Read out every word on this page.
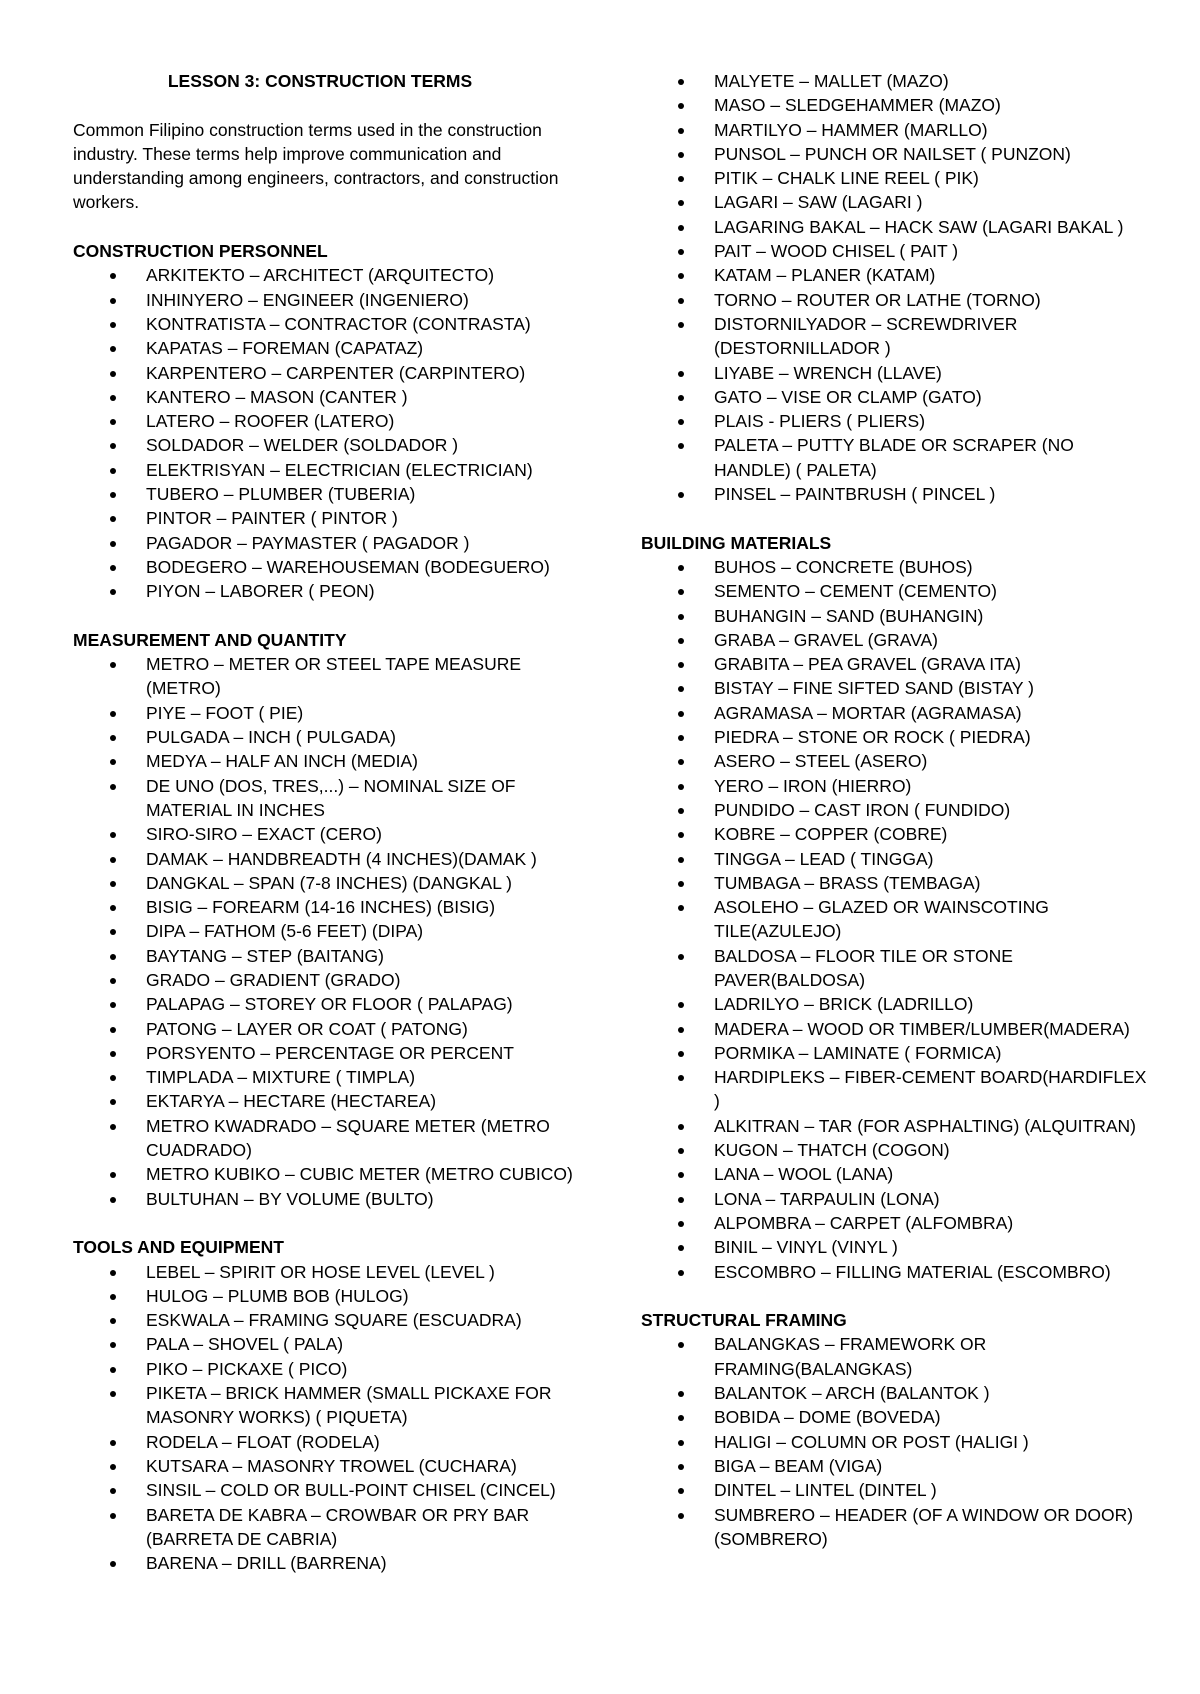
LESSON 3: CONSTRUCTION TERMS

Common Filipino construction terms used in the construction industry. These terms help improve communication and understanding among engineers, contractors, and construction workers.

CONSTRUCTION PERSONNEL
ARKITEKTO – ARCHITECT (ARQUITECTO)
INHINYERO – ENGINEER (INGENIERO)
KONTRATISTA – CONTRACTOR (CONTRASTA)
KAPATAS – FOREMAN (CAPATAZ)
KARPENTERO – CARPENTER (CARPINTERO)
KANTERO – MASON (CANTER )
LATERO – ROOFER (LATERO)
SOLDADOR – WELDER (SOLDADOR )
ELEKTRISYAN – ELECTRICIAN (ELECTRICIAN)
TUBERO – PLUMBER (TUBERIA)
PINTOR – PAINTER ( PINTOR )
PAGADOR – PAYMASTER ( PAGADOR )
BODEGERO – WAREHOUSEMAN (BODEGUERO)
PIYON – LABORER ( PEON)
MEASUREMENT AND QUANTITY
METRO – METER OR STEEL TAPE MEASURE (METRO)
PIYE – FOOT ( PIE)
PULGADA – INCH ( PULGADA)
MEDYA – HALF AN INCH (MEDIA)
DE UNO (DOS, TRES,...) – NOMINAL SIZE OF MATERIAL IN INCHES
SIRO-SIRO – EXACT (CERO)
DAMAK – HANDBREADTH (4 INCHES)(DAMAK )
DANGKAL – SPAN (7-8 INCHES) (DANGKAL )
BISIG – FOREARM (14-16 INCHES) (BISIG)
DIPA – FATHOM (5-6 FEET) (DIPA)
BAYTANG – STEP (BAITANG)
GRADO – GRADIENT (GRADO)
PALAPAG – STOREY OR FLOOR ( PALAPAG)
PATONG – LAYER OR COAT ( PATONG)
PORSYENTO – PERCENTAGE OR PERCENT
TIMPLADA – MIXTURE ( TIMPLA)
EKTARYA – HECTARE (HECTAREA)
METRO KWADRADO – SQUARE METER (METRO CUADRADO)
METRO KUBIKO – CUBIC METER (METRO CUBICO)
BULTUHAN – BY VOLUME (BULTO)
TOOLS AND EQUIPMENT
LEBEL – SPIRIT OR HOSE LEVEL (LEVEL )
HULOG – PLUMB BOB (HULOG)
ESKWALA – FRAMING SQUARE (ESCUADRA)
PALA – SHOVEL ( PALA)
PIKO – PICKAXE ( PICO)
PIKETA – BRICK HAMMER (SMALL PICKAXE FOR MASONRY WORKS) ( PIQUETA)
RODELA – FLOAT (RODELA)
KUTSARA – MASONRY TROWEL (CUCHARA)
SINSIL – COLD OR BULL-POINT CHISEL (CINCEL)
BARETA DE KABRA – CROWBAR OR PRY BAR (BARRETA DE CABRIA)
BARENA – DRILL (BARRENA)
MALYETE – MALLET (MAZO)
MASO – SLEDGEHAMMER (MAZO)
MARTILYO – HAMMER (MARLLO)
PUNSOL – PUNCH OR NAILSET ( PUNZON)
PITIK – CHALK LINE REEL ( PIK)
LAGARI – SAW (LAGARI )
LAGARING BAKAL – HACK SAW (LAGARI BAKAL )
PAIT – WOOD CHISEL ( PAIT )
KATAM – PLANER (KATAM)
TORNO – ROUTER OR LATHE (TORNO)
DISTORNILYADOR – SCREWDRIVER (DESTORNILLADOR )
LIYABE – WRENCH (LLAVE)
GATO – VISE OR CLAMP (GATO)
PLAIS - PLIERS ( PLIERS)
PALETA – PUTTY BLADE OR SCRAPER (NO HANDLE) ( PALETA)
PINSEL – PAINTBRUSH ( PINCEL )
BUILDING MATERIALS
BUHOS – CONCRETE (BUHOS)
SEMENTO – CEMENT (CEMENTO)
BUHANGIN – SAND (BUHANGIN)
GRABA – GRAVEL (GRAVA)
GRABITA – PEA GRAVEL (GRAVA ITA)
BISTAY – FINE SIFTED SAND (BISTAY )
AGRAMASA – MORTAR (AGRAMASA)
PIEDRA – STONE OR ROCK ( PIEDRA)
ASERO – STEEL (ASERO)
YERO – IRON (HIERRO)
PUNDIDO – CAST IRON ( FUNDIDO)
KOBRE – COPPER (COBRE)
TINGGA – LEAD ( TINGGA)
TUMBAGA – BRASS (TEMBAGA)
ASOLEHO – GLAZED OR WAINSCOTING TILE(AZULEJO)
BALDOSA – FLOOR TILE OR STONE PAVER(BALDOSA)
LADRILYO – BRICK (LADRILLO)
MADERA – WOOD OR TIMBER/LUMBER(MADERA)
PORMIKA – LAMINATE ( FORMICA)
HARDIPLEKS – FIBER-CEMENT BOARD(HARDIFLEX )
ALKITRAN – TAR (FOR ASPHALTING) (ALQUITRAN)
KUGON – THATCH (COGON)
LANA – WOOL (LANA)
LONA – TARPAULIN (LONA)
ALPOMBRA – CARPET (ALFOMBRA)
BINIL – VINYL (VINYL )
ESCOMBRO – FILLING MATERIAL (ESCOMBRO)
STRUCTURAL FRAMING
BALANGKAS – FRAMEWORK OR FRAMING(BALANGKAS)
BALANTOK – ARCH (BALANTOK )
BOBIDA – DOME (BOVEDA)
HALIGI – COLUMN OR POST (HALIGI )
BIGA – BEAM (VIGA)
DINTEL – LINTEL (DINTEL )
SUMBRERO – HEADER (OF A WINDOW OR DOOR) (SOMBRERO)
